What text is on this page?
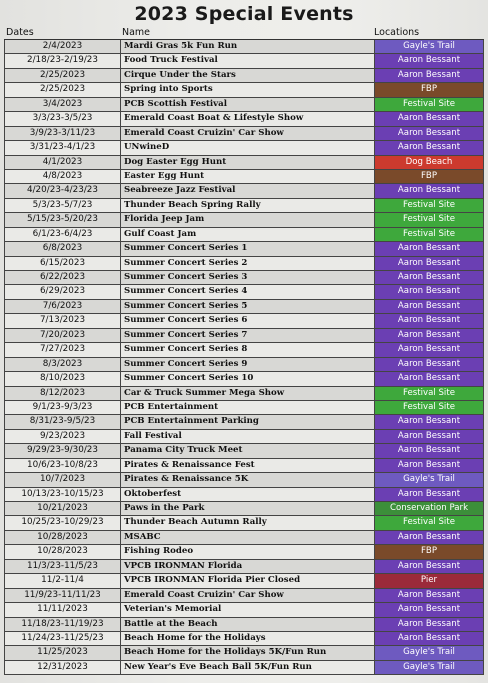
2023 Special Events
Dates	Name	Locations
2/4/2023	Mardi Gras 5k Fun Run	Gayle's Trail
2/18/23-2/19/23	Food Truck Festival	Aaron Bessant
2/25/2023	Cirque Under the Stars	Aaron Bessant
2/25/2023	Spring into Sports	FBP
3/4/2023	PCB Scottish Festival	Festival Site
3/3/23-3/5/23	Emerald Coast Boat & Lifestyle Show	Aaron Bessant
3/9/23-3/11/23	Emerald Coast Cruizin' Car Show	Aaron Bessant
3/31/23-4/1/23	UNwineD	Aaron Bessant
4/1/2023	Dog Easter Egg Hunt	Dog Beach
4/8/2023	Easter Egg Hunt	FBP
4/20/23-4/23/23	Seabreeze Jazz Festival	Aaron Bessant
5/3/23-5/7/23	Thunder Beach Spring Rally	Festival Site
5/15/23-5/20/23	Florida Jeep Jam	Festival Site
6/1/23-6/4/23	Gulf Coast Jam	Festival Site
6/8/2023	Summer Concert Series 1	Aaron Bessant
6/15/2023	Summer Concert Series 2	Aaron Bessant
6/22/2023	Summer Concert Series 3	Aaron Bessant
6/29/2023	Summer Concert Series 4	Aaron Bessant
7/6/2023	Summer Concert Series 5	Aaron Bessant
7/13/2023	Summer Concert Series 6	Aaron Bessant
7/20/2023	Summer Concert Series 7	Aaron Bessant
7/27/2023	Summer Concert Series 8	Aaron Bessant
8/3/2023	Summer Concert Series 9	Aaron Bessant
8/10/2023	Summer Concert Series 10	Aaron Bessant
8/12/2023	Car & Truck Summer Mega Show	Festival Site
9/1/23-9/3/23	PCB Entertainment	Festival Site
8/31/23-9/5/23	PCB Entertainment Parking	Aaron Bessant
9/23/2023	Fall Festival	Aaron Bessant
9/29/23-9/30/23	Panama City Truck Meet	Aaron Bessant
10/6/23-10/8/23	Pirates & Renaissance Fest	Aaron Bessant
10/7/2023	Pirates & Renaissance 5K	Gayle's Trail
10/13/23-10/15/23	Oktoberfest	Aaron Bessant
10/21/2023	Paws in the Park	Conservation Park
10/25/23-10/29/23	Thunder Beach Autumn Rally	Festival Site
10/28/2023	MSABC	Aaron Bessant
10/28/2023	Fishing Rodeo	FBP
11/3/23-11/5/23	VPCB IRONMAN Florida	Aaron Bessant
11/2-11/4	VPCB IRONMAN Florida Pier Closed	Pier
11/9/23-11/11/23	Emerald Coast Cruizin' Car Show	Aaron Bessant
11/11/2023	Veterian's Memorial	Aaron Bessant
11/18/23-11/19/23	Battle at the Beach	Aaron Bessant
11/24/23-11/25/23	Beach Home for the Holidays	Aaron Bessant
11/25/2023	Beach Home for the Holidays 5K/Fun Run	Gayle's Trail
12/31/2023	New Year's Eve Beach Ball 5K/Fun Run	Gayle's Trail
